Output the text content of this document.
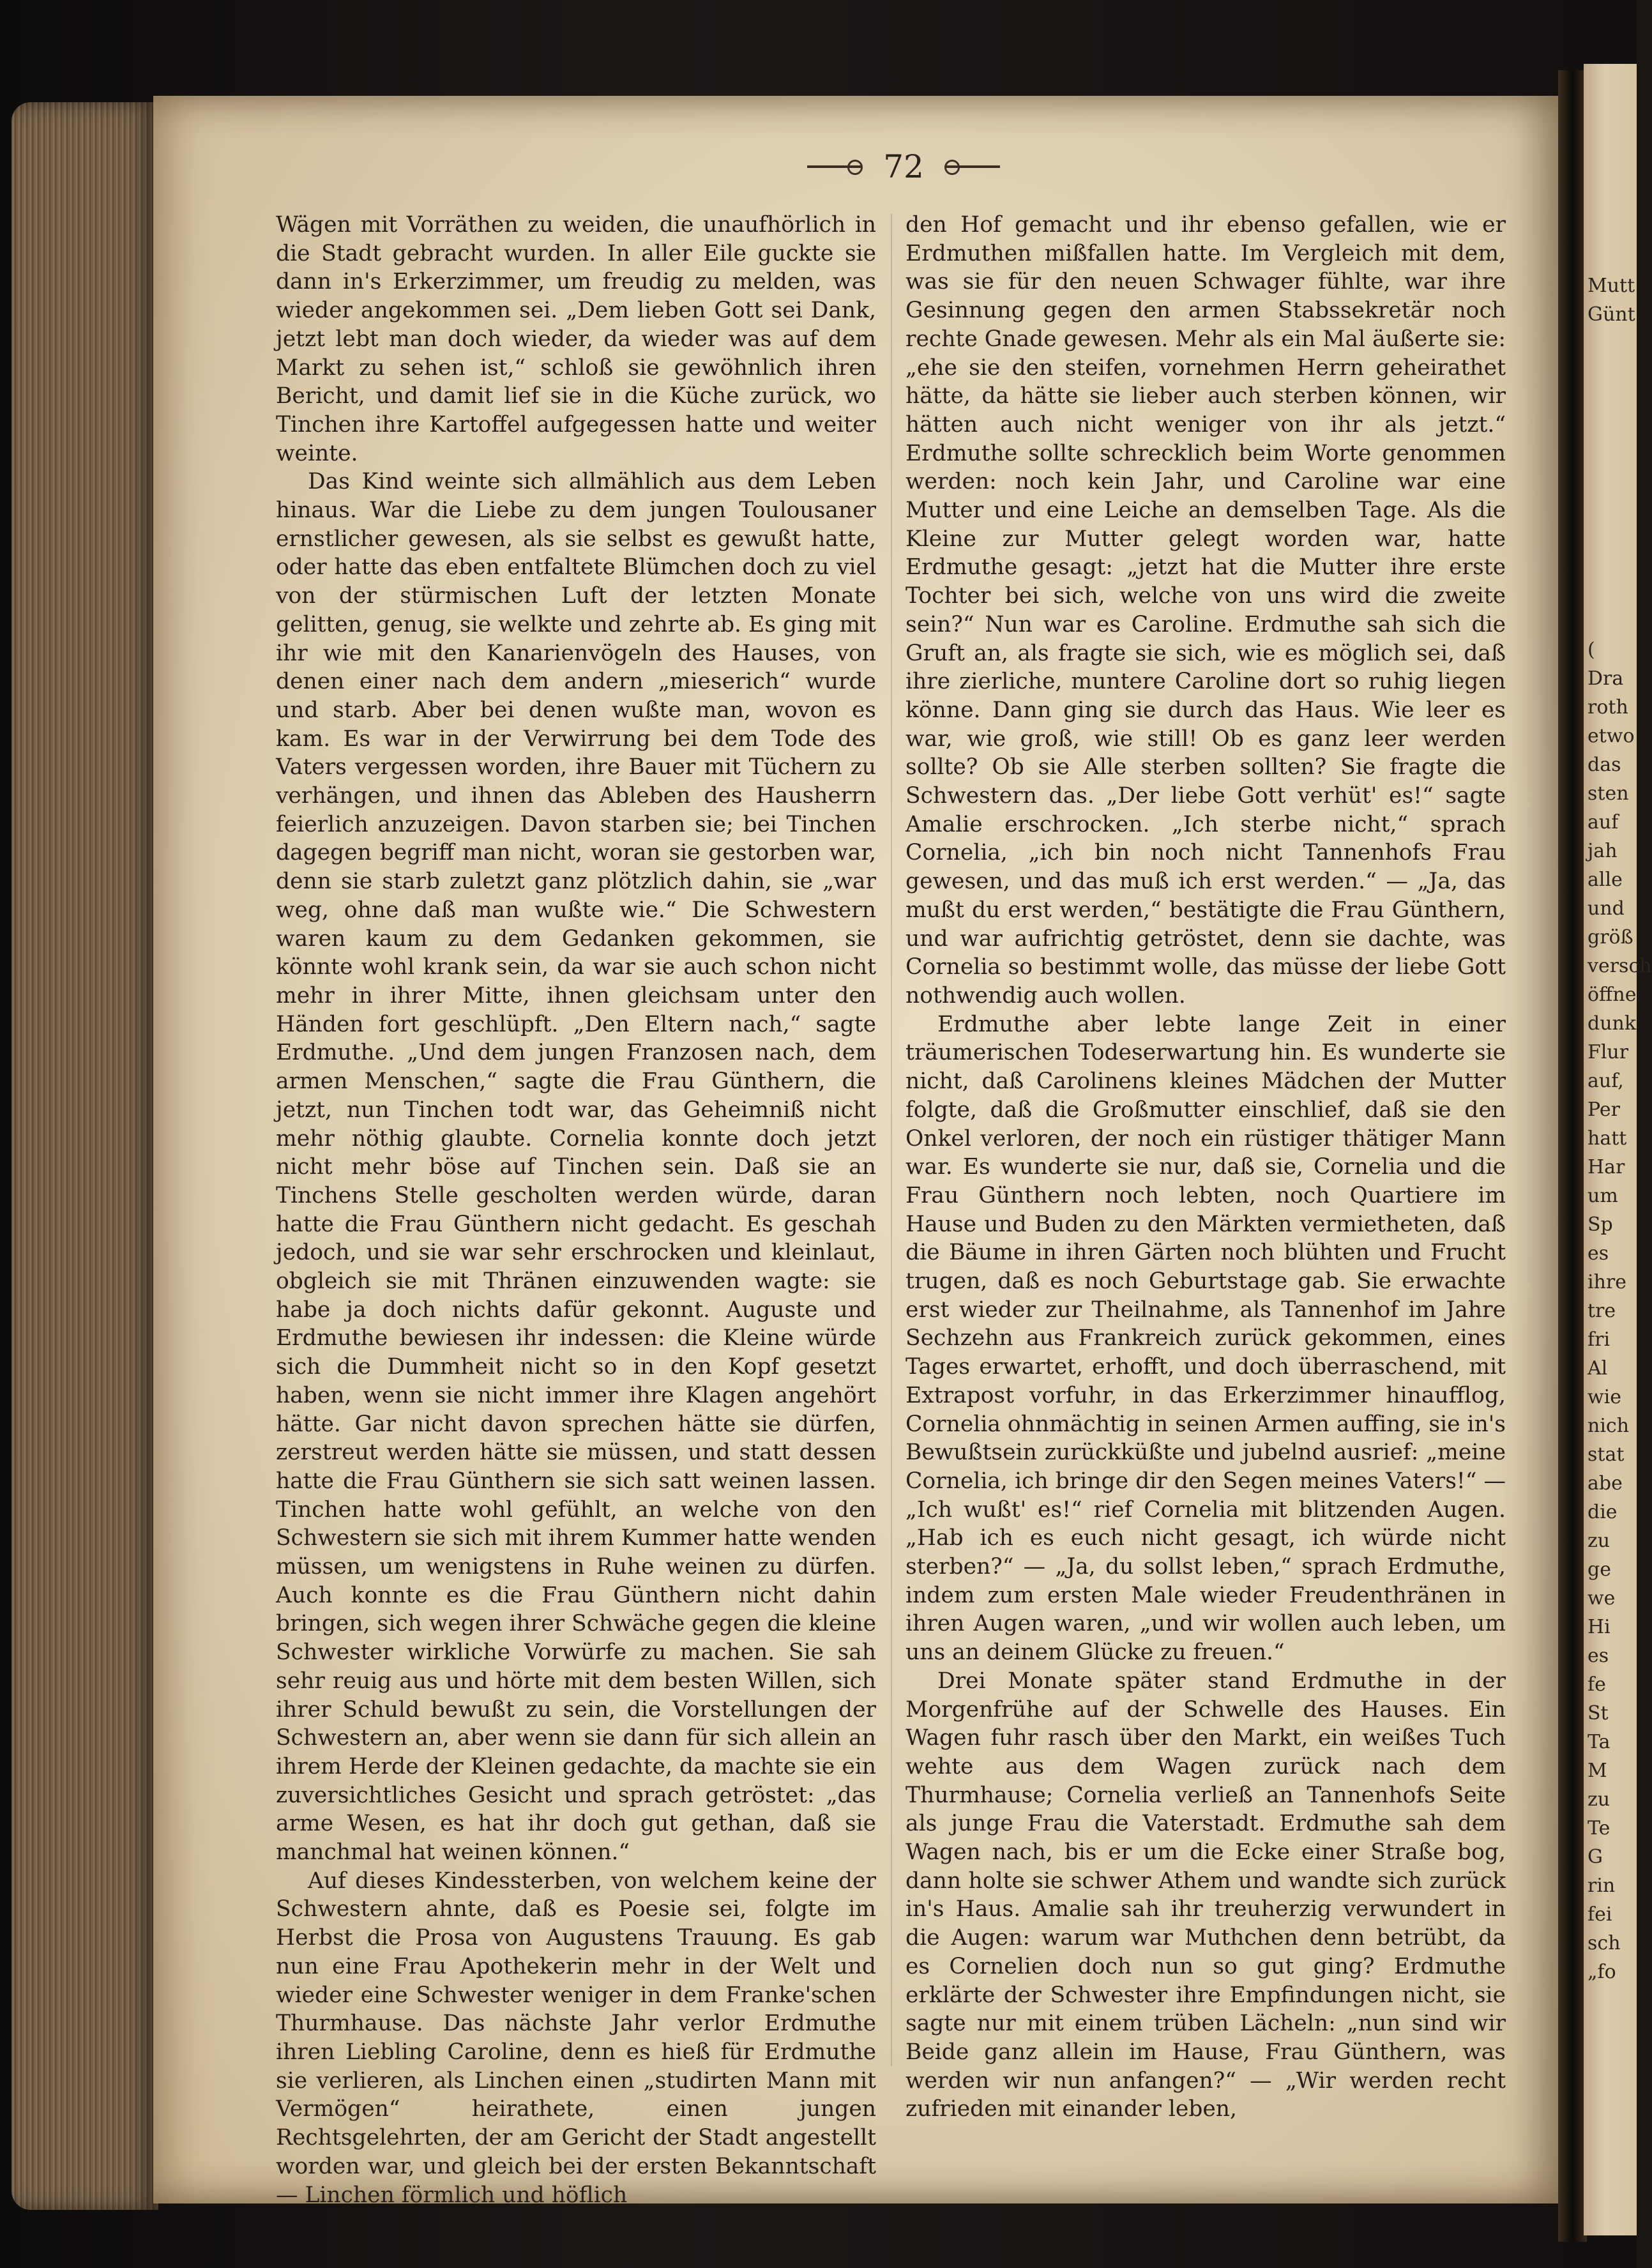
Mutt
Günt
(
Dra
roth
etwo
das
sten
auf
jah
alle
und
größ
versch
öffne
dunk
Flur
auf,
Per
hatt
Har
um
Sp
es
ihre
tre
fri
Al
wie
nich
stat
abe
die
zu
ge
we
Hi
es
fe
St
Ta
M
zu
Te
G
rin
fei
sch
„fo
72

Wägen mit Vorräthen zu weiden, die unaufhörlich in die Stadt gebracht wurden. In aller Eile guckte sie dann in's Erkerzimmer, um freudig zu melden, was wieder angekommen sei. „Dem lieben Gott sei Dank, jetzt lebt man doch wieder, da wieder was auf dem Markt zu sehen ist,“ schloß sie gewöhnlich ihren Bericht, und damit lief sie in die Küche zurück, wo Tinchen ihre Kartoffel aufgegessen hatte und weiter weinte.

Das Kind weinte sich allmählich aus dem Leben hinaus. War die Liebe zu dem jungen Toulousaner ernstlicher gewesen, als sie selbst es gewußt hatte, oder hatte das eben entfaltete Blümchen doch zu viel von der stürmischen Luft der letzten Monate gelitten, genug, sie welkte und zehrte ab. Es ging mit ihr wie mit den Kanarienvögeln des Hauses, von denen einer nach dem andern „mieserich“ wurde und starb. Aber bei denen wußte man, wovon es kam. Es war in der Verwirrung bei dem Tode des Vaters vergessen worden, ihre Bauer mit Tüchern zu verhängen, und ihnen das Ableben des Hausherrn feierlich anzuzeigen. Davon starben sie; bei Tinchen dagegen begriff man nicht, woran sie gestorben war, denn sie starb zuletzt ganz plötzlich dahin, sie „war weg, ohne daß man wußte wie.“ Die Schwestern waren kaum zu dem Gedanken gekommen, sie könnte wohl krank sein, da war sie auch schon nicht mehr in ihrer Mitte, ihnen gleichsam unter den Händen fort geschlüpft. „Den Eltern nach,“ sagte Erdmuthe. „Und dem jungen Franzosen nach, dem armen Menschen,“ sagte die Frau Günthern, die jetzt, nun Tinchen todt war, das Geheimniß nicht mehr nöthig glaubte. Cornelia konnte doch jetzt nicht mehr böse auf Tinchen sein. Daß sie an Tinchens Stelle gescholten werden würde, daran hatte die Frau Günthern nicht gedacht. Es geschah jedoch, und sie war sehr erschrocken und kleinlaut, obgleich sie mit Thränen einzuwenden wagte: sie habe ja doch nichts dafür gekonnt. Auguste und Erdmuthe bewiesen ihr indessen: die Kleine würde sich die Dummheit nicht so in den Kopf gesetzt haben, wenn sie nicht immer ihre Klagen angehört hätte. Gar nicht davon sprechen hätte sie dürfen, zerstreut werden hätte sie müssen, und statt dessen hatte die Frau Günthern sie sich satt weinen lassen. Tinchen hatte wohl gefühlt, an welche von den Schwestern sie sich mit ihrem Kummer hatte wenden müssen, um wenigstens in Ruhe weinen zu dürfen. Auch konnte es die Frau Günthern nicht dahin bringen, sich wegen ihrer Schwäche gegen die kleine Schwester wirkliche Vorwürfe zu machen. Sie sah sehr reuig aus und hörte mit dem besten Willen, sich ihrer Schuld bewußt zu sein, die Vorstellungen der Schwestern an, aber wenn sie dann für sich allein an ihrem Herde der Kleinen gedachte, da machte sie ein zuversichtliches Gesicht und sprach getröstet: „das arme Wesen, es hat ihr doch gut gethan, daß sie manchmal hat weinen können.“

Auf dieses Kindessterben, von welchem keine der Schwestern ahnte, daß es Poesie sei, folgte im Herbst die Prosa von Augustens Trauung. Es gab nun eine Frau Apothekerin mehr in der Welt und wieder eine Schwester weniger in dem Franke'schen Thurmhause. Das nächste Jahr verlor Erdmuthe ihren Liebling Caroline, denn es hieß für Erdmuthe sie verlieren, als Linchen einen „studirten Mann mit Vermögen“ heirathete, einen jungen Rechtsgelehrten, der am Gericht der Stadt angestellt worden war, und gleich bei der ersten Bekanntschaft — Linchen förmlich und höflich

den Hof gemacht und ihr ebenso gefallen, wie er Erdmuthen mißfallen hatte. Im Vergleich mit dem, was sie für den neuen Schwager fühlte, war ihre Gesinnung gegen den armen Stabssekretär noch rechte Gnade gewesen. Mehr als ein Mal äußerte sie: „ehe sie den steifen, vornehmen Herrn geheirathet hätte, da hätte sie lieber auch sterben können, wir hätten auch nicht weniger von ihr als jetzt.“ Erdmuthe sollte schrecklich beim Worte genommen werden: noch kein Jahr, und Caroline war eine Mutter und eine Leiche an demselben Tage. Als die Kleine zur Mutter gelegt worden war, hatte Erdmuthe gesagt: „jetzt hat die Mutter ihre erste Tochter bei sich, welche von uns wird die zweite sein?“ Nun war es Caroline. Erdmuthe sah sich die Gruft an, als fragte sie sich, wie es möglich sei, daß ihre zierliche, muntere Caroline dort so ruhig liegen könne. Dann ging sie durch das Haus. Wie leer es war, wie groß, wie still! Ob es ganz leer werden sollte? Ob sie Alle sterben sollten? Sie fragte die Schwestern das. „Der liebe Gott verhüt' es!“ sagte Amalie erschrocken. „Ich sterbe nicht,“ sprach Cornelia, „ich bin noch nicht Tannenhofs Frau gewesen, und das muß ich erst werden.“ — „Ja, das mußt du erst werden,“ bestätigte die Frau Günthern, und war aufrichtig getröstet, denn sie dachte, was Cornelia so bestimmt wolle, das müsse der liebe Gott nothwendig auch wollen.

Erdmuthe aber lebte lange Zeit in einer träumerischen Todeserwartung hin. Es wunderte sie nicht, daß Carolinens kleines Mädchen der Mutter folgte, daß die Großmutter einschlief, daß sie den Onkel verloren, der noch ein rüstiger thätiger Mann war. Es wunderte sie nur, daß sie, Cornelia und die Frau Günthern noch lebten, noch Quartiere im Hause und Buden zu den Märkten vermietheten, daß die Bäume in ihren Gärten noch blühten und Frucht trugen, daß es noch Geburtstage gab. Sie erwachte erst wieder zur Theilnahme, als Tannenhof im Jahre Sechzehn aus Frankreich zurück gekommen, eines Tages erwartet, erhofft, und doch überraschend, mit Extrapost vorfuhr, in das Erkerzimmer hinaufflog, Cornelia ohnmächtig in seinen Armen auffing, sie in's Bewußtsein zurückküßte und jubelnd ausrief: „meine Cornelia, ich bringe dir den Segen meines Vaters!“ — „Ich wußt' es!“ rief Cornelia mit blitzenden Augen. „Hab ich es euch nicht gesagt, ich würde nicht sterben?“ — „Ja, du sollst leben,“ sprach Erdmuthe, indem zum ersten Male wieder Freudenthränen in ihren Augen waren, „und wir wollen auch leben, um uns an deinem Glücke zu freuen.“

Drei Monate später stand Erdmuthe in der Morgenfrühe auf der Schwelle des Hauses. Ein Wagen fuhr rasch über den Markt, ein weißes Tuch wehte aus dem Wagen zurück nach dem Thurmhause; Cornelia verließ an Tannenhofs Seite als junge Frau die Vaterstadt. Erdmuthe sah dem Wagen nach, bis er um die Ecke einer Straße bog, dann holte sie schwer Athem und wandte sich zurück in's Haus. Amalie sah ihr treuherzig verwundert in die Augen: warum war Muthchen denn betrübt, da es Cornelien doch nun so gut ging? Erdmuthe erklärte der Schwester ihre Empfindungen nicht, sie sagte nur mit einem trüben Lächeln: „nun sind wir Beide ganz allein im Hause, Frau Günthern, was werden wir nun anfangen?“ — „Wir werden recht zufrieden mit einander leben,
